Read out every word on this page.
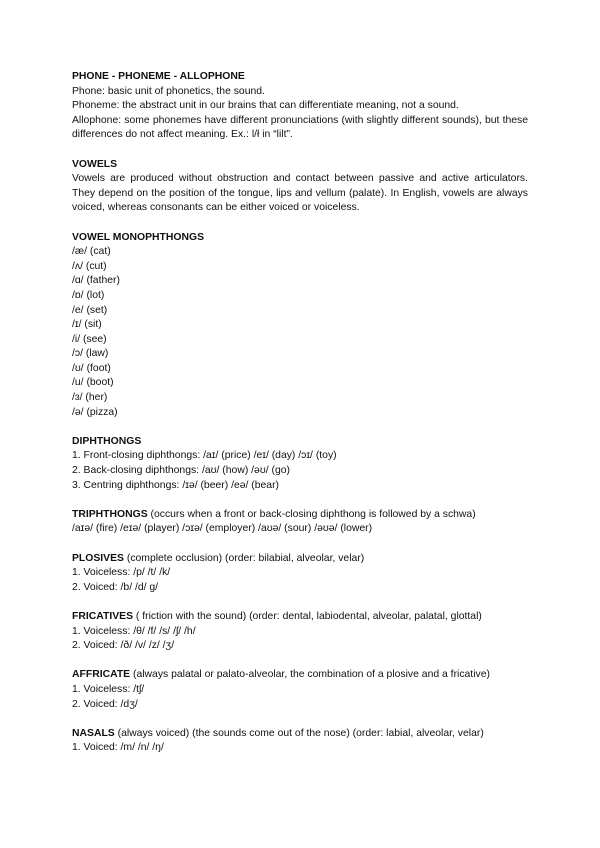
PHONE - PHONEME - ALLOPHONE
Phone: basic unit of phonetics, the sound.
Phoneme: the abstract unit in our brains that can differentiate meaning, not a sound.
Allophone: some phonemes have different pronunciations (with slightly different sounds), but these differences do not affect meaning. Ex.: l/ł in “lilt”.
VOWELS
Vowels are produced without obstruction and contact between passive and active articulators. They depend on the position of the tongue, lips and vellum (palate). In English, vowels are always voiced, whereas consonants can be either voiced or voiceless.
VOWEL MONOPHTHONGS
/æ/ (cat)
/ʌ/ (cut)
/ɑ/ (father)
/ɒ/ (lot)
/e/ (set)
/ɪ/ (sit)
/i/ (see)
/ɔ/ (law)
/ʊ/ (foot)
/u/ (boot)
/ɜ/ (her)
/ə/ (pizza)
DIPHTHONGS
1. Front-closing diphthongs: /aɪ/ (price) /eɪ/ (day) /ɔɪ/ (toy)
2. Back-closing diphthongs: /aʊ/ (how) /əʊ/ (go)
3. Centring diphthongs: /ɪə/ (beer) /eə/ (bear)
TRIPHTHONGS (occurs when a front or back-closing diphthong is followed by a schwa)
/aɪə/ (fire) /eɪə/ (player) /ɔɪə/ (employer) /aʊə/ (sour) /əʊə/ (lower)
PLOSIVES (complete occlusion) (order: bilabial, alveolar, velar)
1. Voiceless: /p/ /t/ /k/
2. Voiced: /b/ /d/ g/
FRICATIVES ( friction with the sound) (order: dental, labiodental, alveolar, palatal, glottal)
1. Voiceless: /θ/ /f/ /s/ /ʃ/ /h/
2. Voiced: /ð/ /v/ /z/ /ʒ/
AFFRICATE (always palatal or palato-alveolar, the combination of a plosive and a fricative)
1. Voiceless: /tʃ/
2. Voiced: /dʒ/
NASALS (always voiced) (the sounds come out of the nose) (order: labial, alveolar, velar)
1. Voiced: /m/ /n/ /ŋ/
